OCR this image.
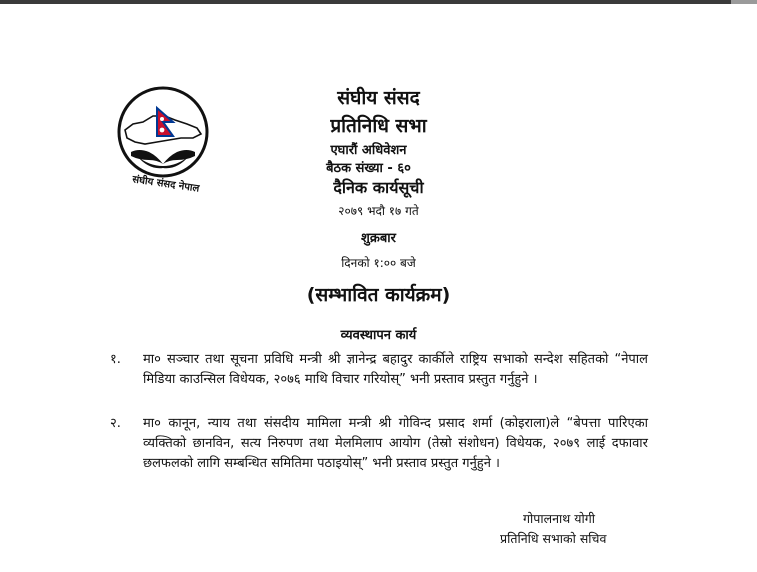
संघीय संसद नेपाल
संघीय संसद
प्रतिनिधि सभा
एघारौं अधिवेशन
बैठक संख्या - ६०
दैनिक कार्यसूची
२०७९ भदौ १७ गते
शुक्रबार
दिनको १:०० बजे
(सम्भावित कार्यक्रम)
व्यवस्थापन कार्य
१.	मा० सञ्चार तथा सूचना प्रविधि मन्त्री श्री ज्ञानेन्द्र बहादुर कार्कीले राष्ट्रिय सभाको सन्देश सहितको “नेपाल मिडिया काउन्सिल विधेयक, २०७६ माथि विचार गरियोस्” भनी प्रस्ताव प्रस्तुत गर्नुहुने ।
२.	मा० कानून, न्याय तथा संसदीय मामिला मन्त्री श्री गोविन्द प्रसाद शर्मा (कोइराला)ले “बेपत्ता पारिएका व्यक्तिको छानविन, सत्य निरुपण तथा मेलमिलाप आयोग (तेस्रो संशोधन) विधेयक, २०७९ लाई दफावार छलफलको लागि सम्बन्धित समितिमा पठाइयोस्” भनी प्रस्ताव प्रस्तुत गर्नुहुने ।
गोपालनाथ योगी
प्रतिनिधि सभाको सचिव
